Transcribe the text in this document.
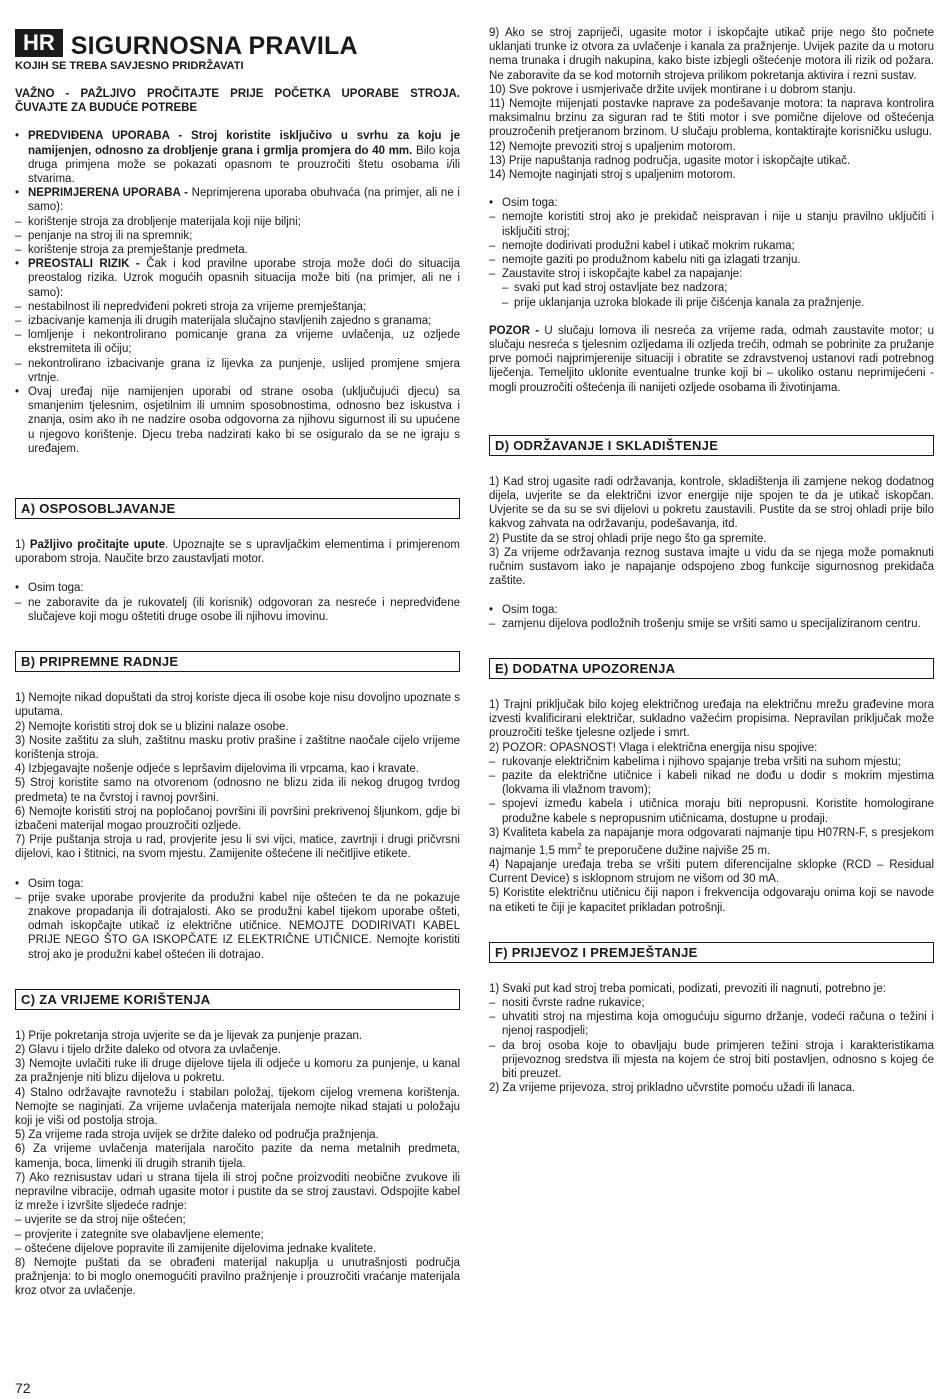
HR SIGURNOSNA PRAVILA
KOJIH SE TREBA SAVJESNO PRIDRŽAVATI

VAŽNO - PAŽLJIVO PROČITAJTE PRIJE POČETKA UPORABE STROJA. ČUVAJTE ZA BUDUĆE POTREBE

• PREDVIĐENA UPORABA - Stroj koristite isključivo u svrhu za koju je namijenjen, odnosno za drobljenje grana i grmlja promjera do 40 mm. Bilo koja druga primjena može se pokazati opasnom te prouzročiti štetu osobama i/ili stvarima.
• NEPRIMJERENA UPORABA - Neprimjerena uporaba obuhvaća (na primjer, ali ne i samo):
– korištenje stroja za drobljenje materijala koji nije biljni;
– penjanje na stroj ili na spremnik;
– korištenje stroja za premještanje predmeta.
• PREOSTALI RIZIK - Čak i kod pravilne uporabe stroja može doći do situacija preostalog rizika. Uzrok mogućih opasnih situacija može biti (na primjer, ali ne i samo):
– nestabilnost ili nepredviđeni pokreti stroja za vrijeme premještanja;
– izbacivanje kamenja ili drugih materijala slučajno stavljenih zajedno s granama;
– lomljenje i nekontrolirano pomicanje grana za vrijeme uvlačenja, uz ozljede ekstremiteta ili očiju;
– nekontrolirano izbacivanje grana iz lijevka za punjenje, uslijed promjene smjera vrtnje.
• Ovaj uređaj nije namijenjen uporabi od strane osoba (uključujući djecu) sa smanjenim tjelesnim, osjetilnim ili umnim sposobnostima, odnosno bez iskustva i znanja, osim ako ih ne nadzire osoba odgovorna za njihovu sigurnost ili su upućene u njegovo korištenje. Djecu treba nadzirati kako bi se osiguralo da se ne igraju s uređajem.
A) OSPOSOBLJAVANJE

1) Pažljivo pročitajte upute. Upoznajte se s upravljačkim elementima i primjerenom uporabom stroja. Naučite brzo zaustavljati motor.

• Osim toga:
– ne zaboravite da je rukovatelj (ili korisnik) odgovoran za nesreće i nepredviđene slučajeve koji mogu oštetiti druge osobe ili njihovu imovinu.
B) PRIPREMNE RADNJE

1) Nemojte nikad dopuštati da stroj koriste djeca ili osobe koje nisu dovoljno upoznate s uputama.

2) Nemojte koristiti stroj dok se u blizini nalaze osobe.

3) Nosite zaštitu za sluh, zaštitnu masku protiv prašine i zaštitne naočale cijelo vrijeme korištenja stroja.

4) Izbjegavajte nošenje odjeće s lepršavim dijelovima ili vrpcama, kao i kravate.

5) Stroj koristite samo na otvorenom (odnosno ne blizu zida ili nekog drugog tvrdog predmeta) te na čvrstoj i ravnoj površini.

6) Nemojte koristiti stroj na popločanoj površini ili površini prekrivenoj šljunkom, gdje bi izbačeni materijal mogao prouzročiti ozljede.

7) Prije puštanja stroja u rad, provjerite jesu li svi vijci, matice, zavrtnji i drugi pričvrsni dijelovi, kao i štitnici, na svom mjestu. Zamijenite oštećene ili nečitljive etikete.

• Osim toga:
– prije svake uporabe provjerite da produžni kabel nije oštećen te da ne pokazuje znakove propadanja ili dotrajalosti. Ako se produžni kabel tijekom uporabe ošteti, odmah iskopčajte utikač iz električne utičnice. NEMOJTE DODIRIVATI KABEL PRIJE NEGO ŠTO GA ISKOPČATE IZ ELEKTRIČNE UTIČNICE. Nemojte koristiti stroj ako je produžni kabel oštećen ili dotrajao.
C) ZA VRIJEME KORIŠTENJA

1) Prije pokretanja stroja uvjerite se da je lijevak za punjenje prazan.

2) Glavu i tijelo držite daleko od otvora za uvlačenje.

3) Nemojte uvlačiti ruke ili druge dijelove tijela ili odjeće u komoru za punjenje, u kanal za pražnjenje niti blizu dijelova u pokretu.

4) Stalno održavajte ravnotežu i stabilan položaj, tijekom cijelog vremena korištenja. Nemojte se naginjati. Za vrijeme uvlačenja materijala nemojte nikad stajati u položaju koji je viši od postolja stroja.

5) Za vrijeme rada stroja uvijek se držite daleko od područja pražnjenja.

6) Za vrijeme uvlačenja materijala naročito pazite da nema metalnih predmeta, kamenja, boca, limenki ili drugih stranih tijela.

7) Ako reznisustav udari u strana tijela ili stroj počne proizvoditi neobične zvukove ili nepravilne vibracije, odmah ugasite motor i pustite da se stroj zaustavi. Odspojite kabel iz mreže i izvršite sljedeće radnje:

– uvjerite se da stroj nije oštećen;

– provjerite i zategnite sve olabavljene elemente;

– oštećene dijelove popravite ili zamijenite dijelovima jednake kvalitete.

8) Nemojte puštati da se obrađeni materijal nakuplja u unutrašnjosti područja pražnjenja: to bi moglo onemogućiti pravilno pražnjenje i prouzročiti vraćanje materijala kroz otvor za uvlačenje.

9) Ako se stroj zapriječi, ugasite motor i iskopčajte utikač prije nego što počnete uklanjati trunke iz otvora za uvlačenje i kanala za pražnjenje. Uvijek pazite da u motoru nema trunaka i drugih nakupina, kako biste izbjegli oštećenje motora ili rizik od požara. Ne zaboravite da se kod motornih strojeva prilikom pokretanja aktivira i rezni sustav.

10) Sve pokrove i usmjerivače držite uvijek montirane i u dobrom stanju.

11) Nemojte mijenjati postavke naprave za podešavanje motora: ta naprava kontrolira maksimalnu brzinu za siguran rad te štiti motor i sve pomične dijelove od oštećenja prouzročenih pretjeranom brzinom. U slučaju problema, kontaktirajte korisničku uslugu.

12) Nemojte prevoziti stroj s upaljenim motorom.

13) Prije napuštanja radnog područja, ugasite motor i iskopčajte utikač.

14) Nemojte naginjati stroj s upaljenim motorom.

• Osim toga:
– nemojte koristiti stroj ako je prekidač neispravan i nije u stanju pravilno uključiti i isključiti stroj;
– nemojte dodirivati produžni kabel i utikač mokrim rukama;
– nemojte gaziti po produžnom kabelu niti ga izlagati trzanju.
– Zaustavite stroj i iskopčajte kabel za napajanje:
– svaki put kad stroj ostavljate bez nadzora;
– prije uklanjanja uzroka blokade ili prije čišćenja kanala za pražnjenje.

POZOR - U slučaju lomova ili nesreća za vrijeme rada, odmah zaustavite motor; u slučaju nesreća s tjelesnim ozljedama ili ozljeda trećih, odmah se pobrinite za pružanje prve pomoći najprimjerenije situaciji i obratite se zdravstvenoj ustanovi radi potrebnog liječenja. Temeljito uklonite eventualne trunke koji bi – ukoliko ostanu neprimijećeni - mogli prouzročiti oštećenja ili nanijeti ozljede osobama ili životinjama.

D) ODRŽAVANJE I SKLADIŠTENJE

1) Kad stroj ugasite radi održavanja, kontrole, skladištenja ili zamjene nekog dodatnog dijela, uvjerite se da električni izvor energije nije spojen te da je utikač iskopčan. Uvjerite se da su se svi dijelovi u pokretu zaustavili. Pustite da se stroj ohladi prije bilo kakvog zahvata na održavanju, podešavanja, itd.

2) Pustite da se stroj ohladi prije nego što ga spremite.

3) Za vrijeme održavanja reznog sustava imajte u vidu da se njega može pomaknuti ručnim sustavom iako je napajanje odspojeno zbog funkcije sigurnosnog prekidača zaštite.

• Osim toga:
– zamjenu dijelova podložnih trošenju smije se vršiti samo u specijaliziranom centru.
E) DODATNA UPOZORENJA

1) Trajni priključak bilo kojeg električnog uređaja na električnu mrežu građevine mora izvesti kvalificirani električar, sukladno važećim propisima. Nepravilan priključak može prouzročiti teške tjelesne ozljede i smrt.

2) POZOR: OPASNOST! Vlaga i električna energija nisu spojive:

– rukovanje električnim kabelima i njihovo spajanje treba vršiti na suhom mjestu;
– pazite da električne utičnice i kabeli nikad ne dođu u dodir s mokrim mjestima (lokvama ili vlažnom travom);
– spojevi između kabela i utičnica moraju biti nepropusni. Koristite homologirane produžne kabele s nepropusnim utičnicama, dostupne u prodaji.

3) Kvaliteta kabela za napajanje mora odgovarati najmanje tipu H07RN-F, s presjekom najmanje 1,5 $mm^2$ te preporučene dužine najviše 25 m.

4) Napajanje uređaja treba se vršiti putem diferencijalne sklopke (RCD – Residual Current Device) s isklopnom strujom ne višom od 30 mA.

5) Koristite električnu utičnicu čiji napon i frekvencija odgovaraju onima koji se navode na etiketi te čiji je kapacitet prikladan potrošnji.

F) PRIJEVOZ I PREMJEŠTANJE

1) Svaki put kad stroj treba pomicati, podizati, prevoziti ili nagnuti, potrebno je:

– nositi čvrste radne rukavice;
– uhvatiti stroj na mjestima koja omogućuju sigurno držanje, vodeći računa o težini i njenoj raspodjeli;
– da broj osoba koje to obavljaju bude primjeren težini stroja i karakteristikama prijevoznog sredstva ili mjesta na kojem će stroj biti postavljen, odnosno s kojeg će biti preuzet.

2) Za vrijeme prijevoza, stroj prikladno učvrstite pomoću užadi ili lanaca.

72
